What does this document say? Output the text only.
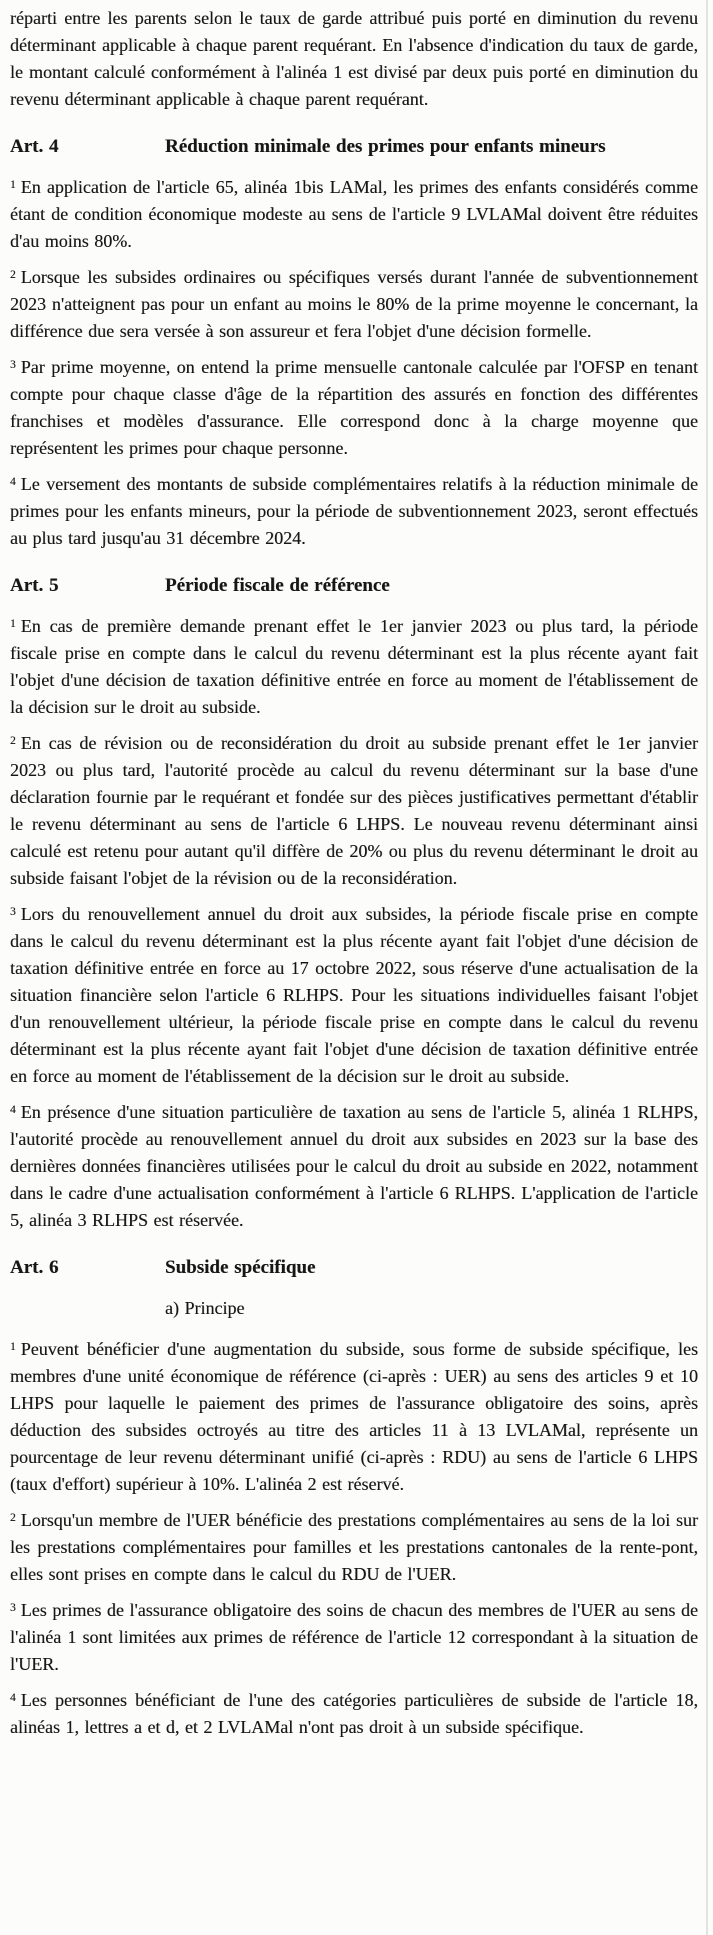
réparti entre les parents selon le taux de garde attribué puis porté en diminution du revenu déterminant applicable à chaque parent requérant. En l'absence d'indication du taux de garde, le montant calculé conformément à l'alinéa 1 est divisé par deux puis porté en diminution du revenu déterminant applicable à chaque parent requérant.

Art. 4	Réduction minimale des primes pour enfants mineurs

$^1$ En application de l'article 65, alinéa 1bis LAMal, les primes des enfants considérés comme étant de condition économique modeste au sens de l'article 9 LVLAMal doivent être réduites d'au moins 80%.

$^2$ Lorsque les subsides ordinaires ou spécifiques versés durant l'année de subventionnement 2023 n'atteignent pas pour un enfant au moins le 80% de la prime moyenne le concernant, la différence due sera versée à son assureur et fera l'objet d'une décision formelle.

$^3$ Par prime moyenne, on entend la prime mensuelle cantonale calculée par l'OFSP en tenant compte pour chaque classe d'âge de la répartition des assurés en fonction des différentes franchises et modèles d'assurance. Elle correspond donc à la charge moyenne que représentent les primes pour chaque personne.

$^4$ Le versement des montants de subside complémentaires relatifs à la réduction minimale de primes pour les enfants mineurs, pour la période de subventionnement 2023, seront effectués au plus tard jusqu'au 31 décembre 2024.

Art. 5	Période fiscale de référence

$^1$ En cas de première demande prenant effet le 1er janvier 2023 ou plus tard, la période fiscale prise en compte dans le calcul du revenu déterminant est la plus récente ayant fait l'objet d'une décision de taxation définitive entrée en force au moment de l'établissement de la décision sur le droit au subside.

$^2$ En cas de révision ou de reconsidération du droit au subside prenant effet le 1er janvier 2023 ou plus tard, l'autorité procède au calcul du revenu déterminant sur la base d'une déclaration fournie par le requérant et fondée sur des pièces justificatives permettant d'établir le revenu déterminant au sens de l'article 6 LHPS. Le nouveau revenu déterminant ainsi calculé est retenu pour autant qu'il diffère de 20% ou plus du revenu déterminant le droit au subside faisant l'objet de la révision ou de la reconsidération.

$^3$ Lors du renouvellement annuel du droit aux subsides, la période fiscale prise en compte dans le calcul du revenu déterminant est la plus récente ayant fait l'objet d'une décision de taxation définitive entrée en force au 17 octobre 2022, sous réserve d'une actualisation de la situation financière selon l'article 6 RLHPS. Pour les situations individuelles faisant l'objet d'un renouvellement ultérieur, la période fiscale prise en compte dans le calcul du revenu déterminant est la plus récente ayant fait l'objet d'une décision de taxation définitive entrée en force au moment de l'établissement de la décision sur le droit au subside.

$^4$ En présence d'une situation particulière de taxation au sens de l'article 5, alinéa 1 RLHPS, l'autorité procède au renouvellement annuel du droit aux subsides en 2023 sur la base des dernières données financières utilisées pour le calcul du droit au subside en 2022, notamment dans le cadre d'une actualisation conformément à l'article 6 RLHPS. L'application de l'article 5, alinéa 3 RLHPS est réservée.

Art. 6	Subside spécifique
a) Principe

$^1$ Peuvent bénéficier d'une augmentation du subside, sous forme de subside spécifique, les membres d'une unité économique de référence (ci-après : UER) au sens des articles 9 et 10 LHPS pour laquelle le paiement des primes de l'assurance obligatoire des soins, après déduction des subsides octroyés au titre des articles 11 à 13 LVLAMal, représente un pourcentage de leur revenu déterminant unifié (ci-après : RDU) au sens de l'article 6 LHPS (taux d'effort) supérieur à 10%. L'alinéa 2 est réservé.

$^2$ Lorsqu'un membre de l'UER bénéficie des prestations complémentaires au sens de la loi sur les prestations complémentaires pour familles et les prestations cantonales de la rente-pont, elles sont prises en compte dans le calcul du RDU de l'UER.

$^3$ Les primes de l'assurance obligatoire des soins de chacun des membres de l'UER au sens de l'alinéa 1 sont limitées aux primes de référence de l'article 12 correspondant à la situation de l'UER.

$^4$ Les personnes bénéficiant de l'une des catégories particulières de subside de l'article 18, alinéas 1, lettres a et d, et 2 LVLAMal n'ont pas droit à un subside spécifique.
